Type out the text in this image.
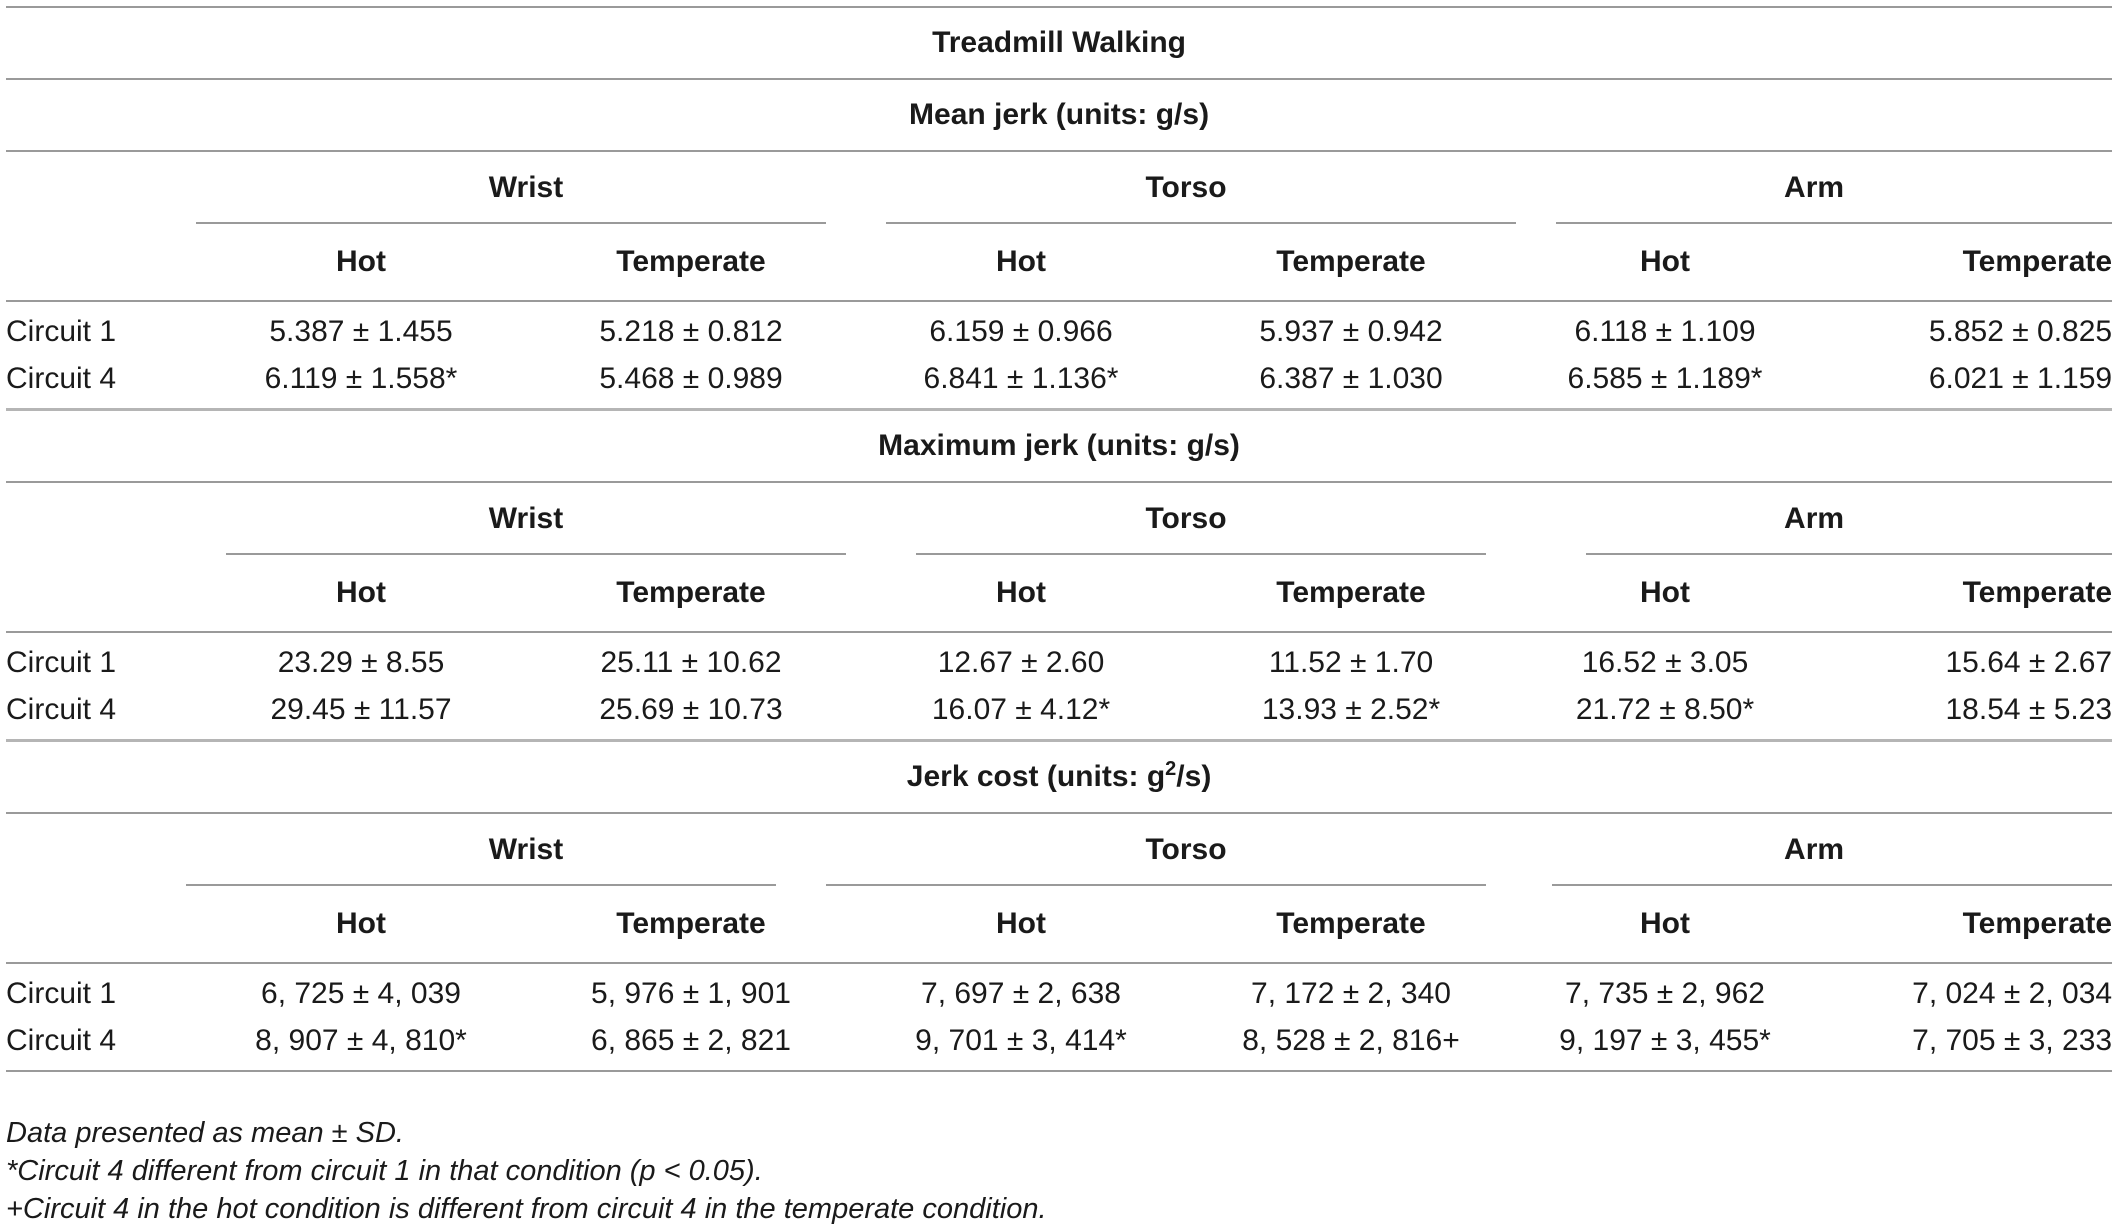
Treadmill Walking						
Mean jerk (units: g/s)						
	Wrist		Torso		Arm	

	Hot	Temperate	Hot	Temperate	Hot	Temperate
Circuit 1	5.387 ± 1.455	5.218 ± 0.812	6.159 ± 0.966	5.937 ± 0.942	6.118 ± 1.109	5.852 ± 0.825
Circuit 4	6.119 ± 1.558*	5.468 ± 0.989	6.841 ± 1.136*	6.387 ± 1.030	6.585 ± 1.189*	6.021 ± 1.159
Maximum jerk (units: g/s)						
	Wrist		Torso		Arm	

	Hot	Temperate	Hot	Temperate	Hot	Temperate
Circuit 1	23.29 ± 8.55	25.11 ± 10.62	12.67 ± 2.60	11.52 ± 1.70	16.52 ± 3.05	15.64 ± 2.67
Circuit 4	29.45 ± 11.57	25.69 ± 10.73	16.07 ± 4.12*	13.93 ± 2.52*	21.72 ± 8.50*	18.54 ± 5.23
Jerk cost (units: $g^2/s$)						
	Wrist		Torso		Arm	

	Hot	Temperate	Hot	Temperate	Hot	Temperate
Circuit 1	6, 725 ± 4, 039	5, 976 ± 1, 901	7, 697 ± 2, 638	7, 172 ± 2, 340	7, 735 ± 2, 962	7, 024 ± 2, 034
Circuit 4	8, 907 ± 4, 810*	6, 865 ± 2, 821	9, 701 ± 3, 414*	8, 528 ± 2, 816+	9, 197 ± 3, 455*	7, 705 ± 3, 233
Data presented as mean ± SD.
*Circuit 4 different from circuit 1 in that condition (p < 0.05).
+Circuit 4 in the hot condition is different from circuit 4 in the temperate condition.
